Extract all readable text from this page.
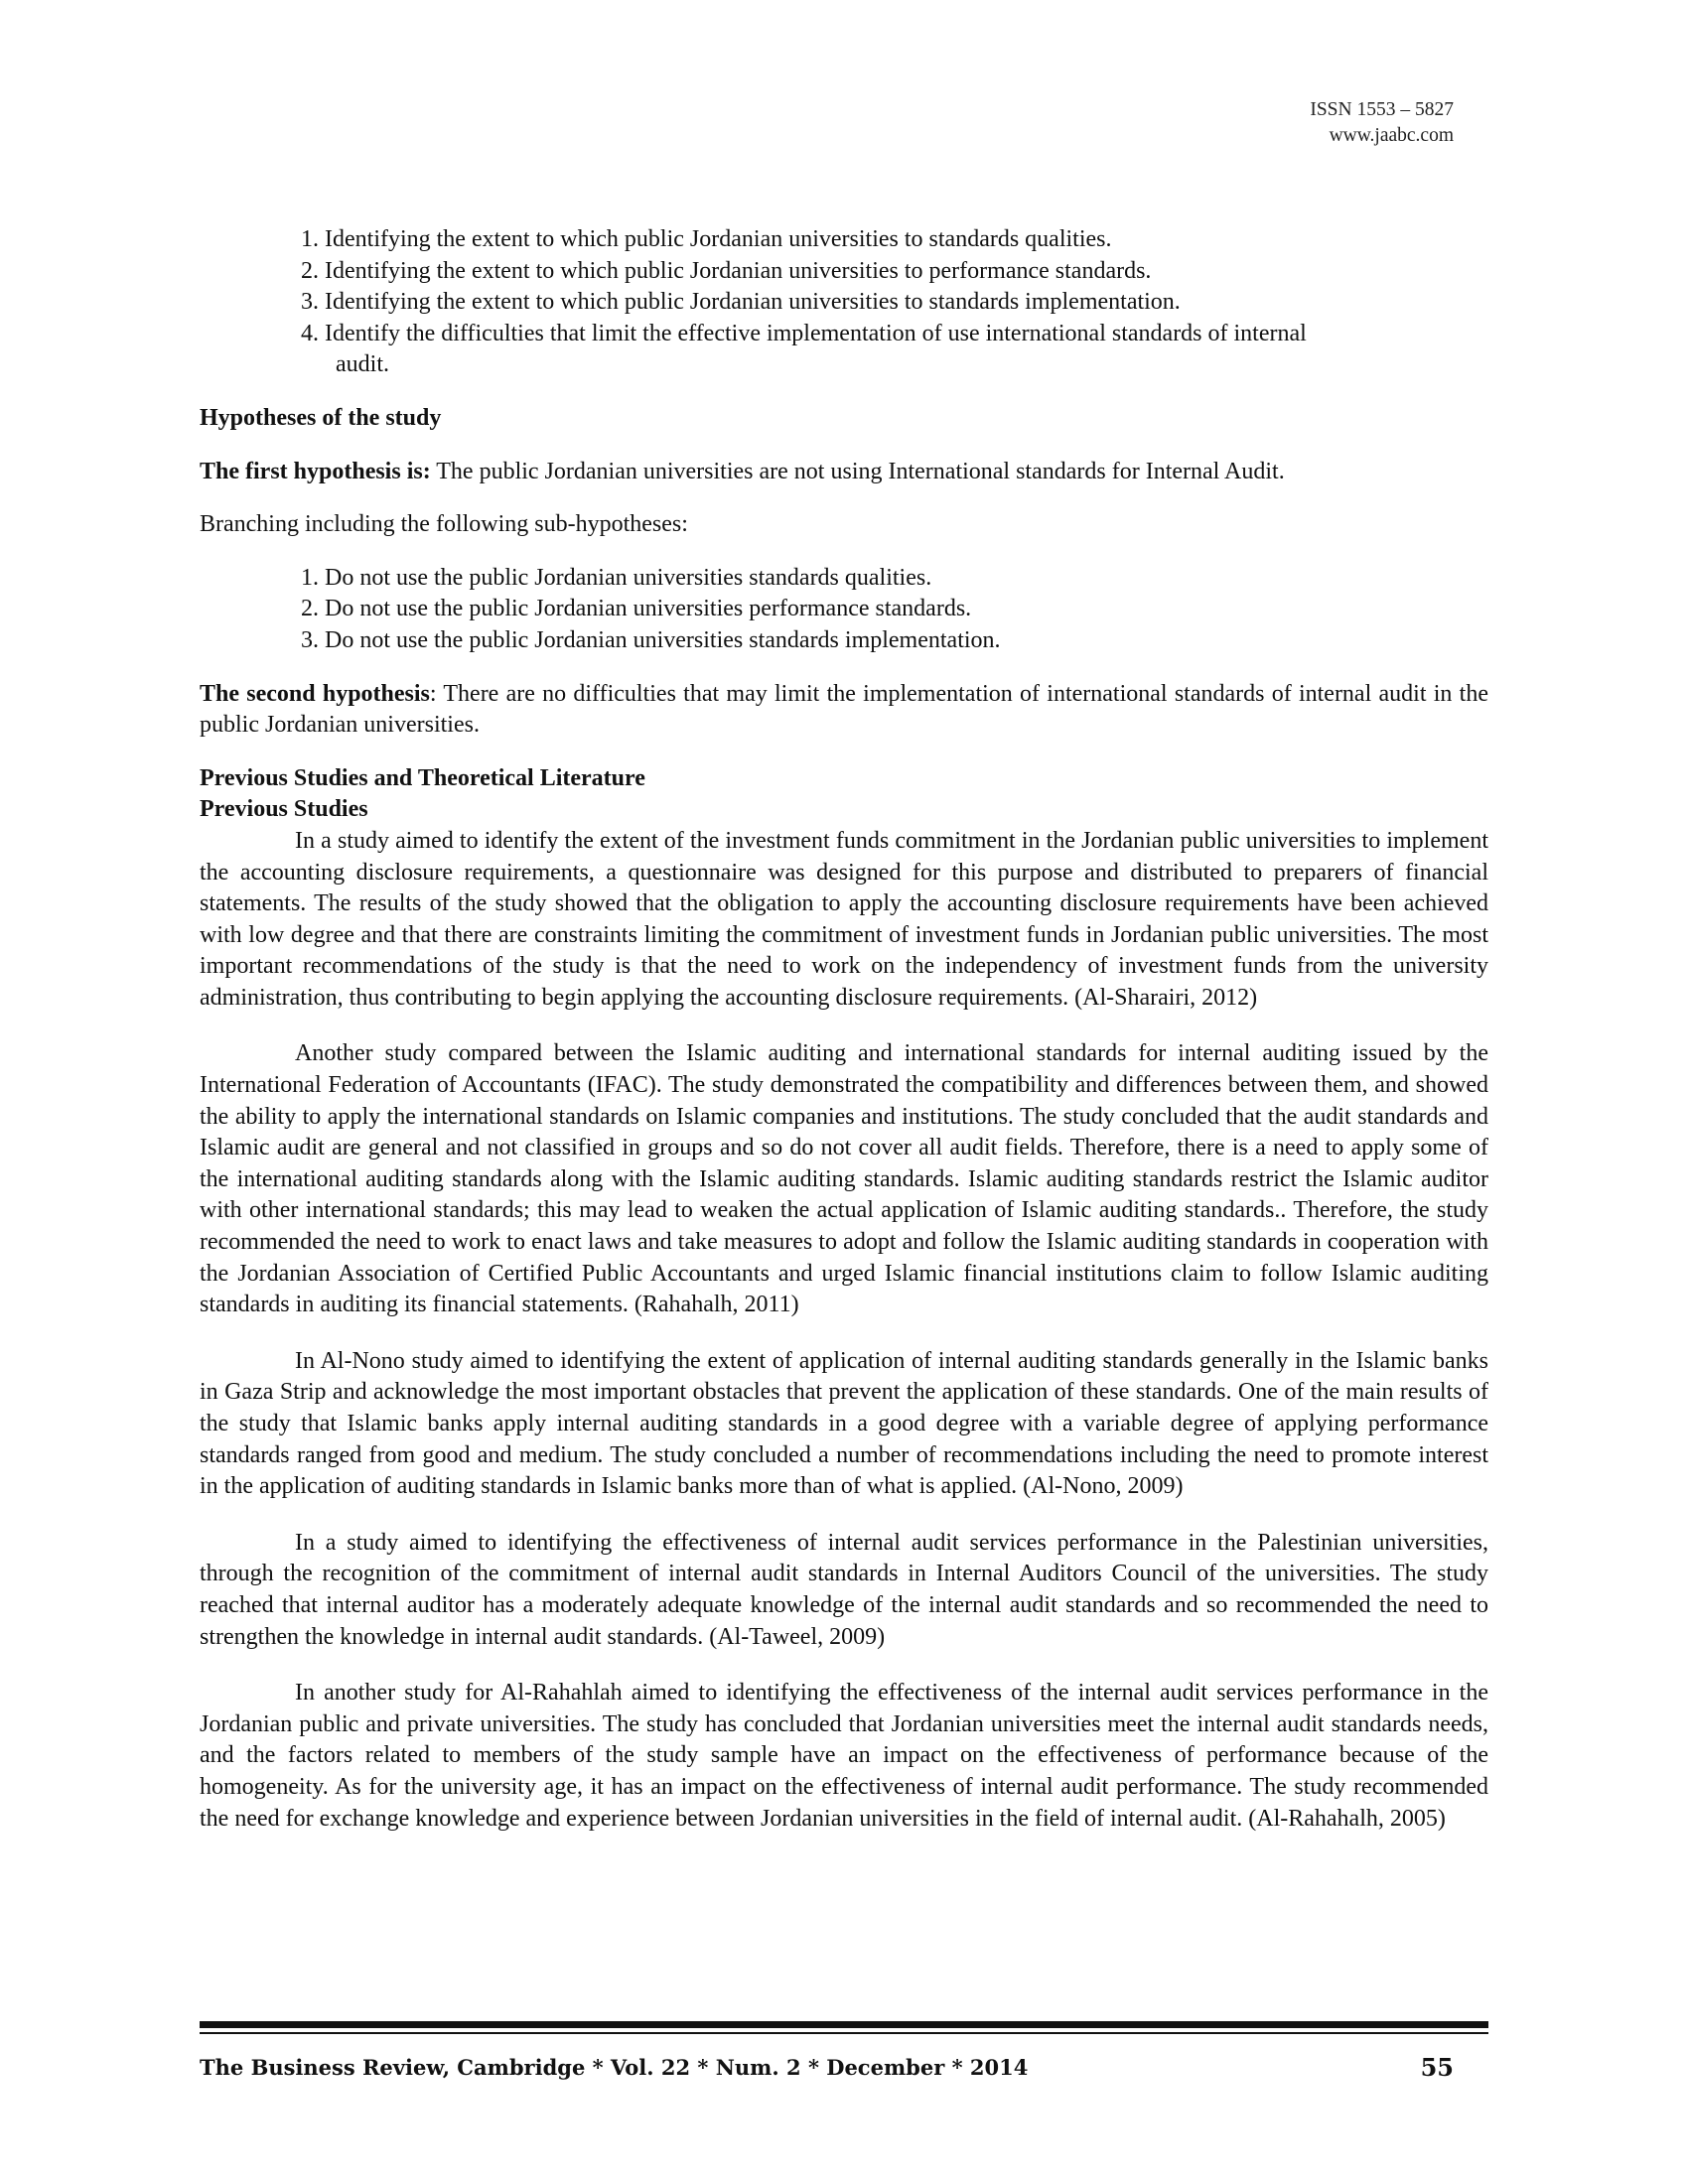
ISSN 1553 – 5827
www.jaabc.com
1. Identifying the extent to which public Jordanian universities to standards qualities.
2. Identifying the extent to which public Jordanian universities to performance standards.
3. Identifying the extent to which public Jordanian universities to standards implementation.
4. Identify the difficulties that limit the effective implementation of use international standards of internal
audit.
Hypotheses of the study

The first hypothesis is: The public Jordanian universities are not using International standards for Internal Audit.

Branching including the following sub-hypotheses:

1. Do not use the public Jordanian universities standards qualities.
2. Do not use the public Jordanian universities performance standards.
3. Do not use the public Jordanian universities standards implementation.

The second hypothesis: There are no difficulties that may limit the implementation of international standards of internal audit in the public Jordanian universities.

Previous Studies and Theoretical Literature
Previous Studies

In a study aimed to identify the extent of the investment funds commitment in the Jordanian public universities to implement the accounting disclosure requirements, a questionnaire was designed for this purpose and distributed to preparers of financial statements. The results of the study showed that the obligation to apply the accounting disclosure requirements have been achieved with low degree and that there are constraints limiting the commitment of investment funds in Jordanian public universities. The most important recommendations of the study is that the need to work on the independency of investment funds from the university administration, thus contributing to begin applying the accounting disclosure requirements. (Al-Sharairi, 2012)

Another study compared between the Islamic auditing and international standards for internal auditing issued by the International Federation of Accountants (IFAC). The study demonstrated the compatibility and differences between them, and showed the ability to apply the international standards on Islamic companies and institutions. The study concluded that the audit standards and Islamic audit are general and not classified in groups and so do not cover all audit fields. Therefore, there is a need to apply some of the international auditing standards along with the Islamic auditing standards. Islamic auditing standards restrict the Islamic auditor with other international standards; this may lead to weaken the actual application of Islamic auditing standards.. Therefore, the study recommended the need to work to enact laws and take measures to adopt and follow the Islamic auditing standards in cooperation with the Jordanian Association of Certified Public Accountants and urged Islamic financial institutions claim to follow Islamic auditing standards in auditing its financial statements. (Rahahalh, 2011)

In Al-Nono study aimed to identifying the extent of application of internal auditing standards generally in the Islamic banks in Gaza Strip and acknowledge the most important obstacles that prevent the application of these standards. One of the main results of the study that Islamic banks apply internal auditing standards in a good degree with a variable degree of applying performance standards ranged from good and medium. The study concluded a number of recommendations including the need to promote interest in the application of auditing standards in Islamic banks more than of what is applied. (Al-Nono, 2009)

In a study aimed to identifying the effectiveness of internal audit services performance in the Palestinian universities, through the recognition of the commitment of internal audit standards in Internal Auditors Council of the universities. The study reached that internal auditor has a moderately adequate knowledge of the internal audit standards and so recommended the need to strengthen the knowledge in internal audit standards. (Al-Taweel, 2009)

In another study for Al-Rahahlah aimed to identifying the effectiveness of the internal audit services performance in the Jordanian public and private universities. The study has concluded that Jordanian universities meet the internal audit standards needs, and the factors related to members of the study sample have an impact on the effectiveness of performance because of the homogeneity. As for the university age, it has an impact on the effectiveness of internal audit performance. The study recommended the need for exchange knowledge and experience between Jordanian universities in the field of internal audit. (Al-Rahahalh, 2005)

The Business Review, Cambridge * Vol. 22 * Num. 2 * December * 2014	55
